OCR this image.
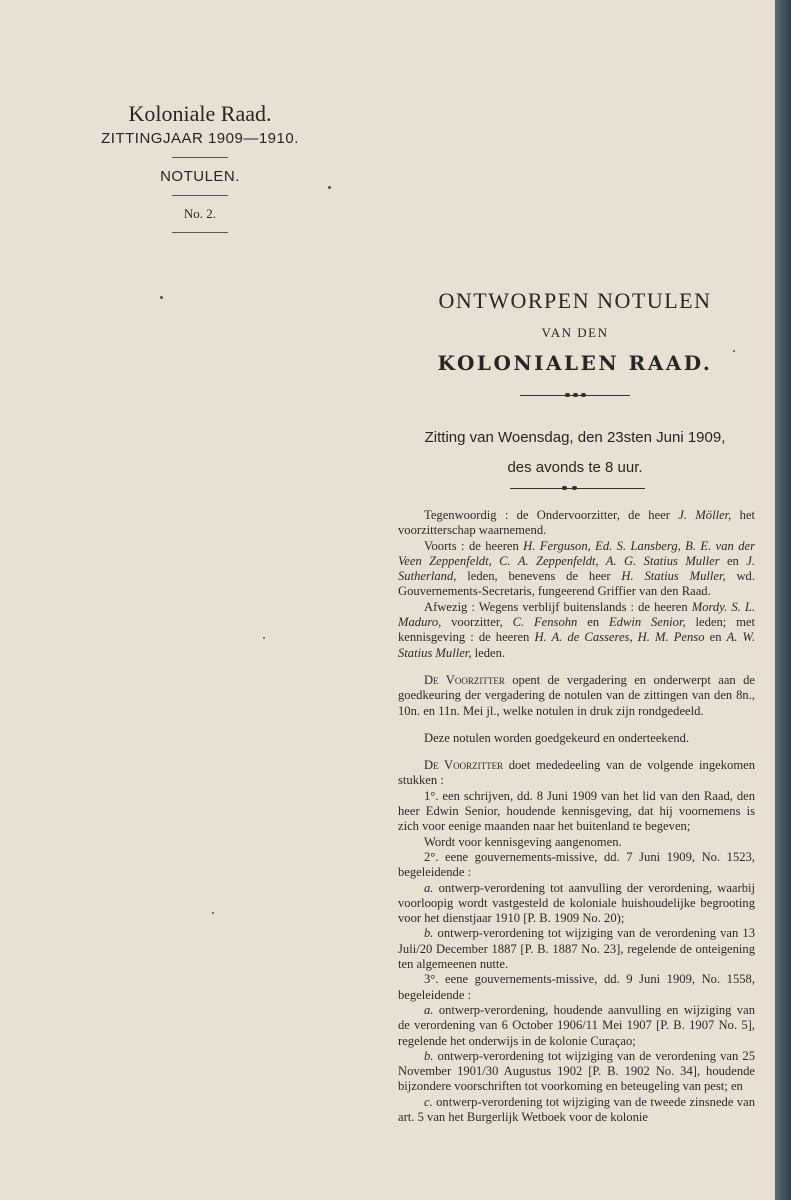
Koloniale Raad.
ZITTINGJAAR 1909—1910.
NOTULEN.
No. 2.
ONTWORPEN NOTULEN
VAN DEN
KOLONIALEN RAAD.
Zitting van Woensdag, den 23sten Juni 1909,
des avonds te 8 uur.

Tegenwoordig : de Ondervoorzitter, de heer J. Möller, het voorzitterschap waarnemend.

Voorts : de heeren H. Ferguson, Ed. S. Lansberg, B. E. van der Veen Zeppenfeldt, C. A. Zeppenfeldt, A. G. Statius Muller en J. Sutherland, leden, benevens de heer H. Statius Muller, wd. Gouvernements-Secretaris, fungeerend Griffier van den Raad.

Afwezig : Wegens verblijf buitenslands : de heeren Mordy. S. L. Maduro, voorzitter, C. Fensohn en Edwin Senior, leden; met kennisgeving : de heeren H. A. de Casseres, H. M. Penso en A. W. Statius Muller, leden.

De Voorzitter opent de vergadering en onderwerpt aan de goedkeuring der vergadering de notulen van de zittingen van den 8n., 10n. en 11n. Mei jl., welke notulen in druk zijn rondgedeeld.

Deze notulen worden goedgekeurd en onderteekend.

De Voorzitter doet mededeeling van de volgende ingekomen stukken :

1°. een schrijven, dd. 8 Juni 1909 van het lid van den Raad, den heer Edwin Senior, houdende kennisgeving, dat hij voornemens is zich voor eenige maanden naar het buitenland te begeven;

Wordt voor kennisgeving aangenomen.

2°. eene gouvernements-missive, dd. 7 Juni 1909, No. 1523, begeleidende :

a. ontwerp-verordening tot aanvulling der verordening, waarbij voorloopig wordt vastgesteld de koloniale huishoudelijke begrooting voor het dienstjaar 1910 [P. B. 1909 No. 20);

b. ontwerp-verordening tot wijziging van de verordening van 13 Juli/20 December 1887 [P. B. 1887 No. 23], regelende de onteigening ten algemeenen nutte.

3°. eene gouvernements-missive, dd. 9 Juni 1909, No. 1558, begeleidende :

a. ontwerp-verordening, houdende aanvulling en wijziging van de verordening van 6 October 1906/11 Mei 1907 [P. B. 1907 No. 5], regelende het onderwijs in de kolonie Curaçao;

b. ontwerp-verordening tot wijziging van de verordening van 25 November 1901/30 Augustus 1902 [P. B. 1902 No. 34], houdende bijzondere voorschriften tot voorkoming en beteugeling van pest; en

c. ontwerp-verordening tot wijziging van de tweede zinsnede van art. 5 van het Burgerlijk Wetboek voor de kolonie
